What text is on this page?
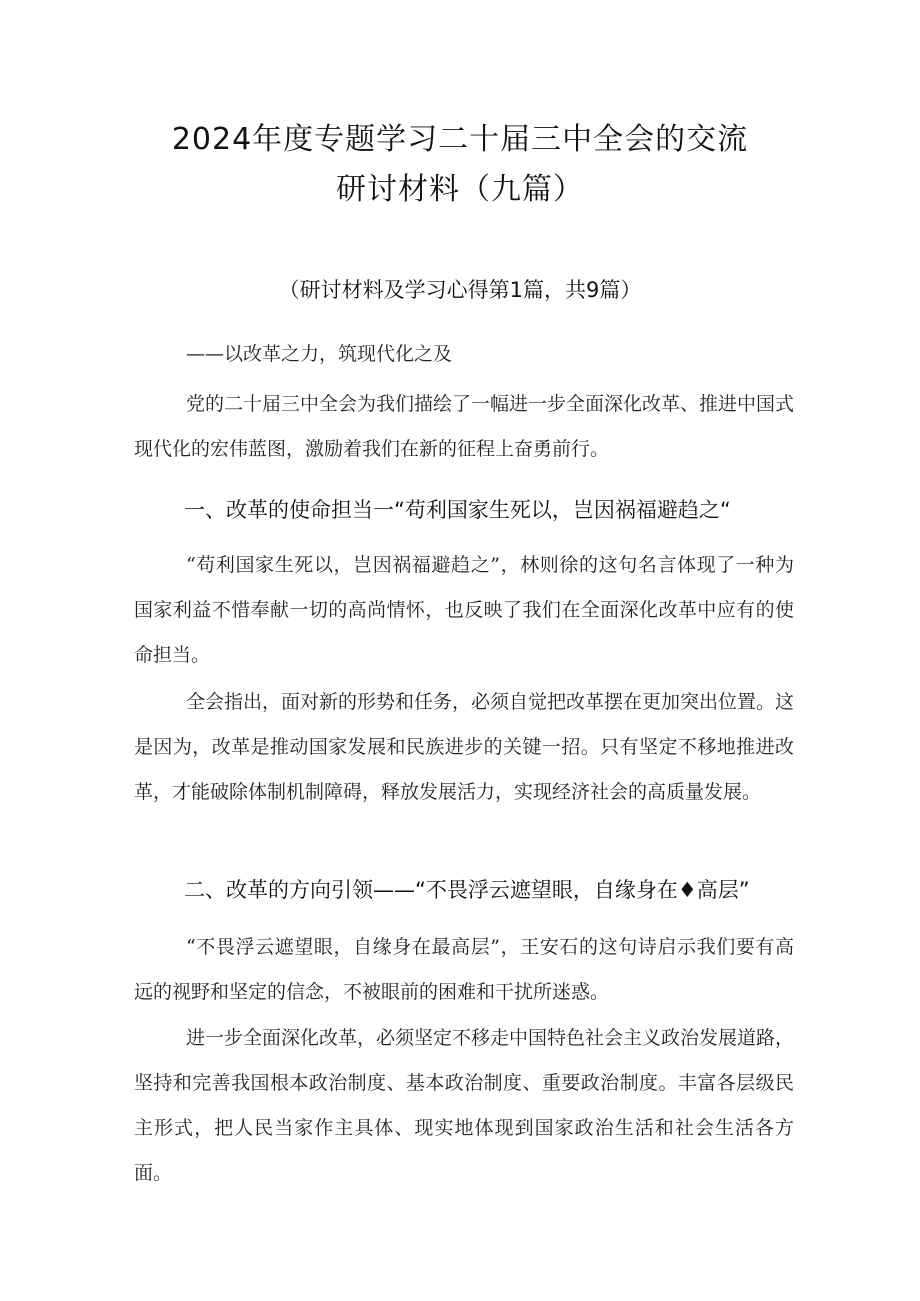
2024年度专题学习二十届三中全会的交流
研讨材料（九篇）
（研讨材料及学习心得第1篇，共9篇）
——以改革之力，筑现代化之及

党的二十届三中全会为我们描绘了一幅进一步全面深化改革、推进中国式现代化的宏伟蓝图，激励着我们在新的征程上奋勇前行。

一、改革的使命担当一“苟利国家生死以，岂因祸福避趋之“

“苟利国家生死以，岂因祸福避趋之”，林则徐的这句名言体现了一种为国家利益不惜奉献一切的高尚情怀，也反映了我们在全面深化改革中应有的使命担当。

全会指出，面对新的形势和任务，必须自觉把改革摆在更加突出位置。这是因为，改革是推动国家发展和民族进步的关键一招。只有坚定不移地推进改革，才能破除体制机制障碍，释放发展活力，实现经济社会的高质量发展。

二、改革的方向引领——“不畏浮云遮望眼，自缘身在♦高层”

“不畏浮云遮望眼，自缘身在最高层”，王安石的这句诗启示我们要有高远的视野和坚定的信念，不被眼前的困难和干扰所迷惑。

进一步全面深化改革，必须坚定不移走中国特色社会主义政治发展道路，坚持和完善我国根本政治制度、基本政治制度、重要政治制度。丰富各层级民主形式，把人民当家作主具体、现实地体现到国家政治生活和社会生活各方面。
